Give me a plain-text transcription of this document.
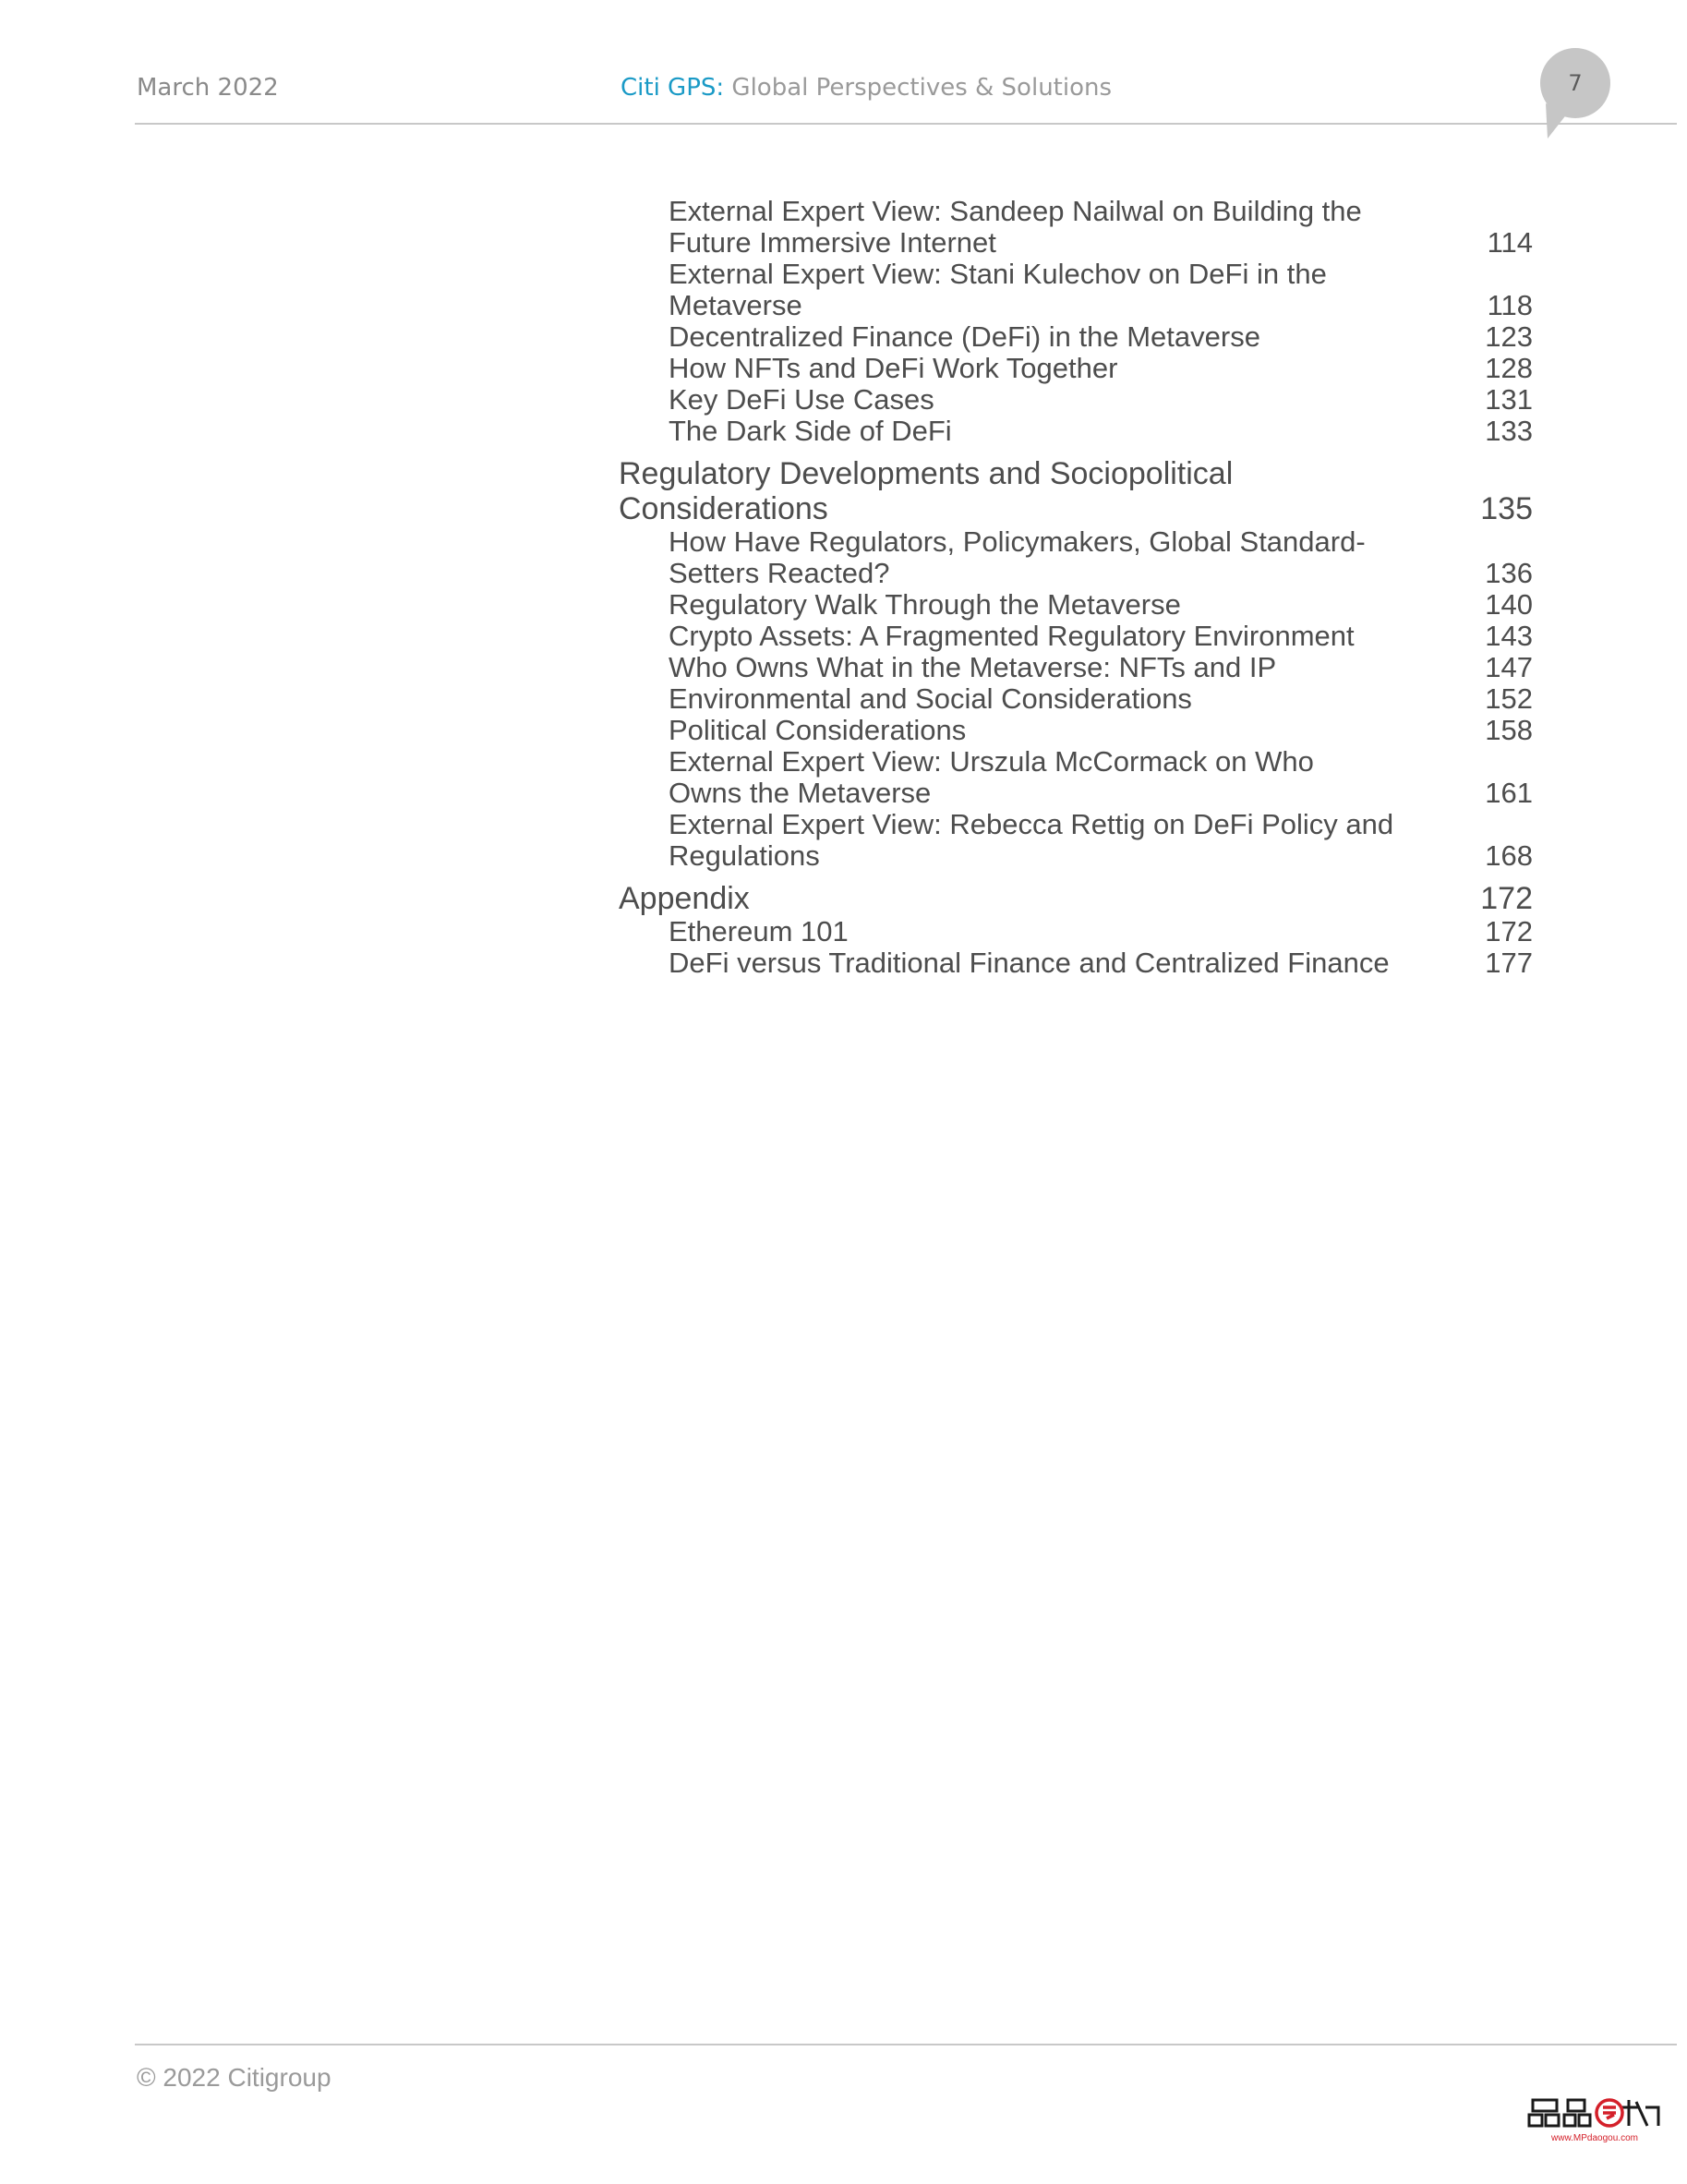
March 2022	Citi GPS: Global Perspectives & Solutions	7
External Expert View: Sandeep Nailwal on Building the Future Immersive Internet	114
External Expert View: Stani Kulechov on DeFi in the Metaverse	118
Decentralized Finance (DeFi) in the Metaverse	123
How NFTs and DeFi Work Together	128
Key DeFi Use Cases	131
The Dark Side of DeFi	133
Regulatory Developments and Sociopolitical Considerations	135
How Have Regulators, Policymakers, Global Standard-Setters Reacted?	136
Regulatory Walk Through the Metaverse	140
Crypto Assets: A Fragmented Regulatory Environment	143
Who Owns What in the Metaverse: NFTs and IP	147
Environmental and Social Considerations	152
Political Considerations	158
External Expert View: Urszula McCormack on Who Owns the Metaverse	161
External Expert View: Rebecca Rettig on DeFi Policy and Regulations	168
Appendix	172
Ethereum 101	172
DeFi versus Traditional Finance and Centralized Finance	177
© 2022 Citigroup
www.MPdaogou.com
